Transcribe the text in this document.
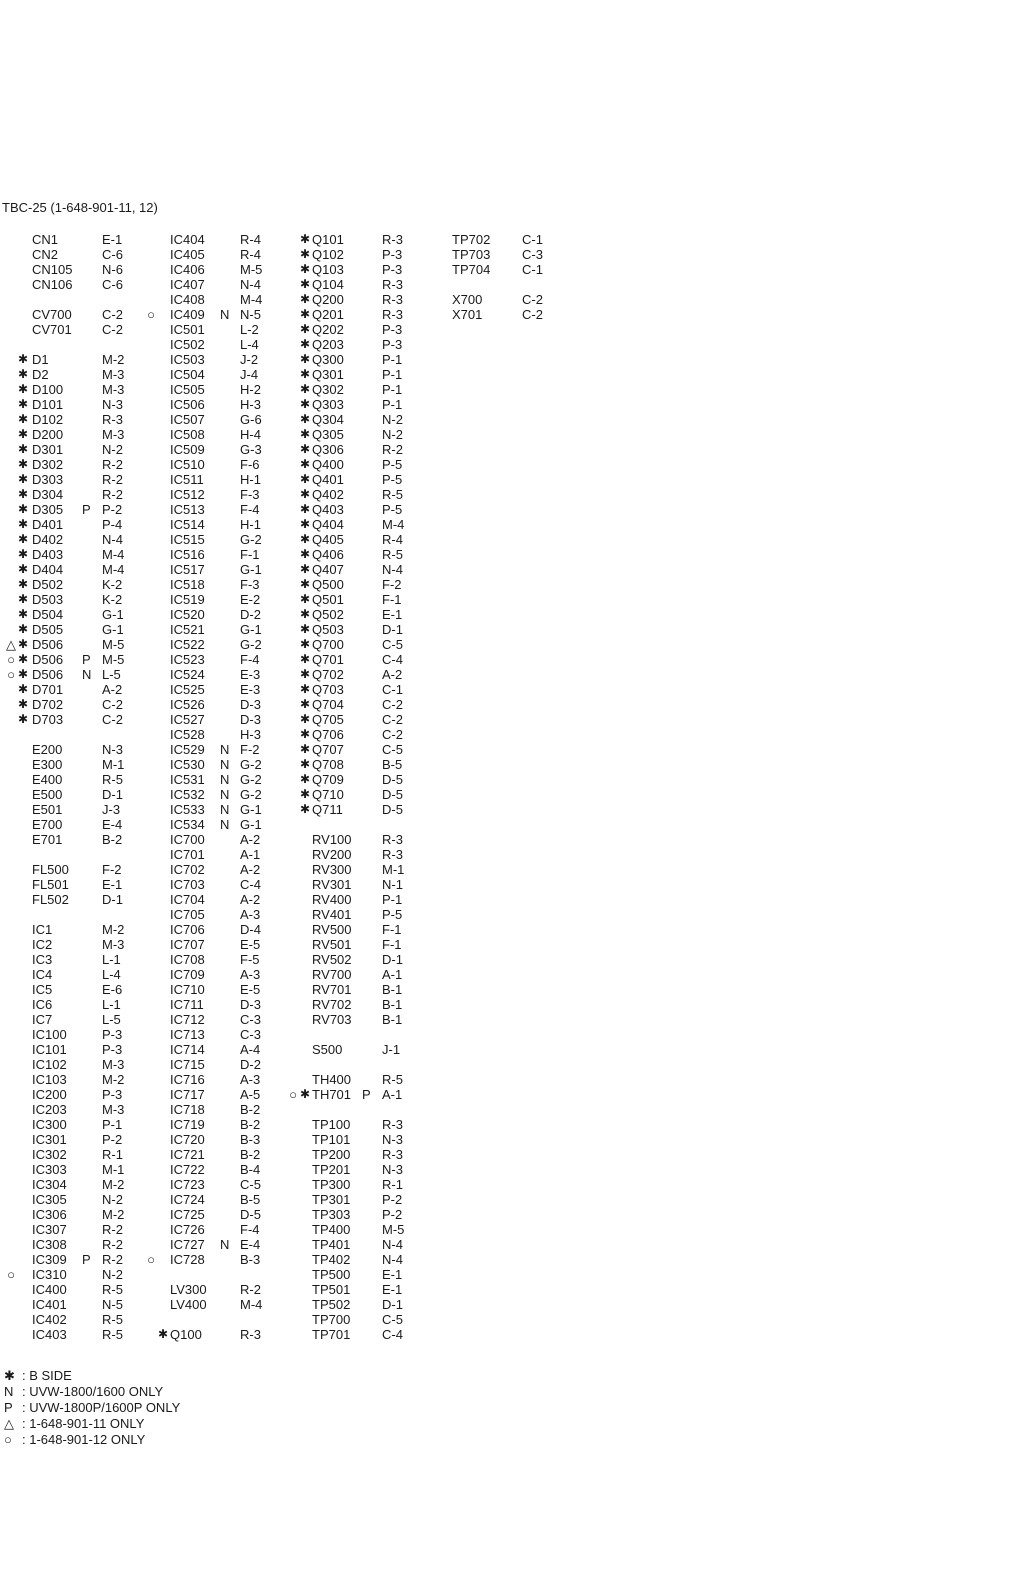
TBC-25 (1-648-901-11, 12)
CN1	E-1
CN2	C-6
CN105 N-6
CN106 C-6
CV700 C-2
CV701 C-2
✱ D1	M-2
✱ D2	M-3
✱ D100	M-3
✱ D101	N-3
✱ D102	R-3
✱ D200	M-3
✱ D301	N-2
✱ D302	R-2
✱ D303	R-2
✱ D304	R-2
✱ D305 P P-2
✱ D401	P-4
✱ D402	N-4
✱ D403	M-4
✱ D404	M-4
✱ D502	K-2
✱ D503	K-2
✱ D504	G-1
✱ D505	G-1
△ ✱ D506	M-5
○ ✱ D506 P M-5
○ ✱ D506 N L-5
✱ D701	A-2
✱ D702	C-2
✱ D703	C-2
E200	N-3
E300	M-1
E400	R-5
E500	D-1
E501	J-3
E700	E-4
E701	B-2
FL500	F-2
FL501	E-1
FL502	D-1
IC1	M-2
IC2	M-3
IC3	L-1
IC4	L-4
IC5	E-6
IC6	L-1
IC7	L-5
IC100	P-3
IC101	P-3
IC102	M-3
IC103	M-2
IC200	P-3
IC203	M-3
IC300	P-1
IC301	P-2
IC302	R-1
IC303	M-1
IC304	M-2
IC305	N-2
IC306	M-2
IC307	R-2
IC308	R-2
IC309 P R-2
○ IC310	N-2
IC400	R-5
IC401	N-5
IC402	R-5
IC403	R-5
IC404	R-4
IC405	R-4
IC406	M-5
IC407	N-4
IC408	M-4
○ IC409 N N-5
IC501	L-2
IC502	L-4
IC503	J-2
IC504	J-4
IC505	H-2
IC506	H-3
IC507	G-6
IC508	H-4
IC509	G-3
IC510	F-6
IC511	H-1
IC512	F-3
IC513	F-4
IC514	H-1
IC515	G-2
IC516	F-1
IC517	G-1
IC518	F-3
IC519	E-2
IC520	D-2
IC521	G-1
IC522	G-2
IC523	F-4
IC524	E-3
IC525	E-3
IC526	D-3
IC527	D-3
IC528	H-3
IC529 N F-2
IC530 N G-2
IC531 N G-2
IC532 N G-2
IC533 N G-1
IC534 N G-1
IC700	A-2
IC701	A-1
IC702	A-2
IC703	C-4
IC704	A-2
IC705	A-3
IC706	D-4
IC707	E-5
IC708	F-5
IC709	A-3
IC710	E-5
IC711	D-3
IC712	C-3
IC713	C-3
IC714	A-4
IC715	D-2
IC716	A-3
IC717	A-5
IC718	B-2
IC719	B-2
IC720	B-3
IC721	B-2
IC722	B-4
IC723	C-5
IC724	B-5
IC725	D-5
IC726	F-4
IC727 N E-4
○ IC728	B-3
LV300	R-2
LV400	M-4
✱ Q100	R-3
✱ Q101	R-3
✱ Q102	P-3
✱ Q103	P-3
✱ Q104	R-3
✱ Q200	R-3
✱ Q201	R-3
✱ Q202	P-3
✱ Q203	P-3
✱ Q300	P-1
✱ Q301	P-1
✱ Q302	P-1
✱ Q303	P-1
✱ Q304	N-2
✱ Q305	N-2
✱ Q306	R-2
✱ Q400	P-5
✱ Q401	P-5
✱ Q402	R-5
✱ Q403	P-5
✱ Q404	M-4
✱ Q405	R-4
✱ Q406	R-5
✱ Q407	N-4
✱ Q500	F-2
✱ Q501	F-1
✱ Q502	E-1
✱ Q503	D-1
✱ Q700	C-5
✱ Q701	C-4
✱ Q702	A-2
✱ Q703	C-1
✱ Q704	C-2
✱ Q705	C-2
✱ Q706	C-2
✱ Q707	C-5
✱ Q708	B-5
✱ Q709	D-5
✱ Q710	D-5
✱ Q711	D-5
RV100 R-3
RV200 R-3
RV300 M-1
RV301 N-1
RV400 P-1
RV401 P-5
RV500 F-1
RV501 F-1
RV502 D-1
RV700 A-1
RV701 B-1
RV702 B-1
RV703 B-1
S500	J-1
TH400 R-5
○ ✱ TH701 P A-1
TP100 R-3
TP101 N-3
TP200 R-3
TP201 N-3
TP300 R-1
TP301 P-2
TP303 P-2
TP400 M-5
TP401 N-4
TP402 N-4
TP500 E-1
TP501 E-1
TP502 D-1
TP700 C-5
TP701 C-4
TP702 C-1
TP703 C-3
TP704 C-1
X700	C-2
X701	C-2
✱ : B SIDE
N : UVW-1800/1600 ONLY
P : UVW-1800P/1600P ONLY
△ : 1-648-901-11 ONLY
○ : 1-648-901-12 ONLY
